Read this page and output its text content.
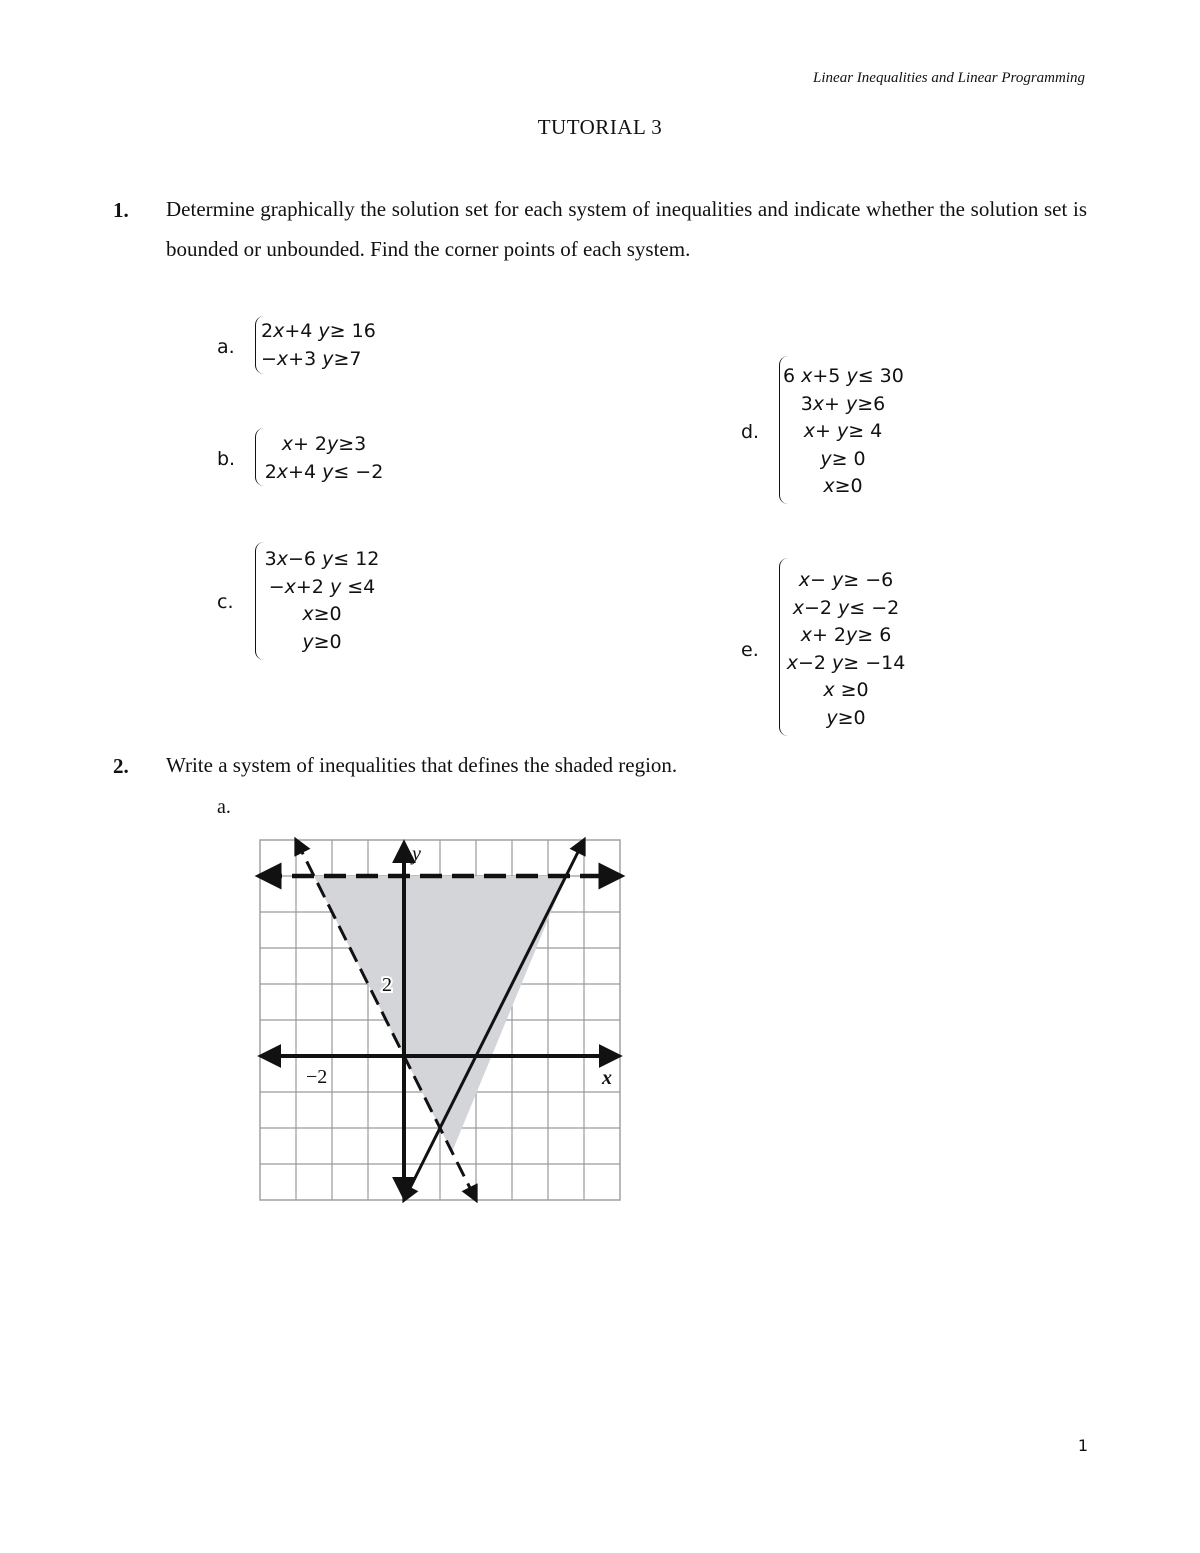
Linear Inequalities and Linear Programming
TUTORIAL 3
1. Determine graphically the solution set for each system of inequalities and indicate whether the solution set is bounded or unbounded. Find the corner points of each system.
a.
2x+4 y≥ 16
−x+3 y≥7
b.
x+ 2y≥3
2x+4 y≤ −2
c.
3x−6 y≤ 12
−x+2 y ≤4
x≥0
y≥0
d.
6 x+5 y≤ 30
3x+ y≥6
x+ y≥ 4
y≥ 0
x≥0
e.
x− y≥ −6
x−2 y≤ −2
x+ 2y≥ 6
x−2 y≥ −14
x ≥0
y≥0
2. Write a system of inequalities that defines the shaded region.
a.
x
y
−2
2
1
